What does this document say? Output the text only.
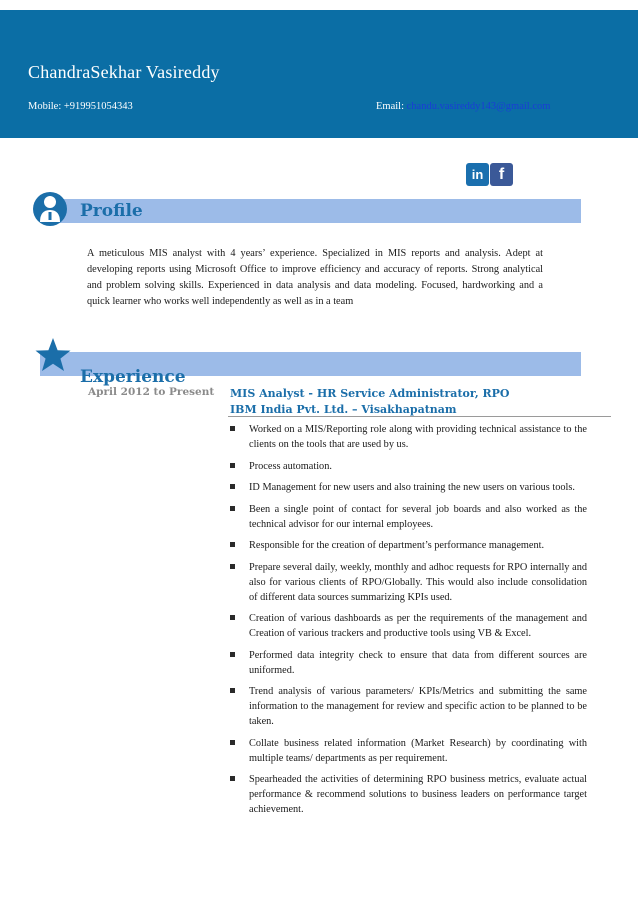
ChandraSekhar Vasireddy
Mobile: +919951054343	Email: chandu.vasireddy143@gmail.com
in f
Profile
A meticulous MIS analyst with 4 years’ experience. Specialized in MIS reports and analysis. Adept at developing reports using Microsoft Office to improve efficiency and accuracy of reports. Strong analytical and problem solving skills. Experienced in data analysis and data modeling. Focused, hardworking and a quick learner who works well independently as well as in a team
Experience
April 2012 to Present MIS Analyst - HR Service Administrator, RPO
IBM India Pvt. Ltd. – Visakhapatnam
Worked on a MIS/Reporting role along with providing technical assistance to the clients on the tools that are used by us.
Process automation.
ID Management for new users and also training the new users on various tools.
Been a single point of contact for several job boards and also worked as the technical advisor for our internal employees.
Responsible for the creation of department’s performance management.
Prepare several daily, weekly, monthly and adhoc requests for RPO internally and also for various clients of RPO/Globally. This would also include consolidation of different data sources summarizing KPIs used.
Creation of various dashboards as per the requirements of the management and Creation of various trackers and productive tools using VB & Excel.
Performed data integrity check to ensure that data from different sources are uniformed.
Trend analysis of various parameters/ KPIs/Metrics and submitting the same information to the management for review and specific action to be planned to be taken.
Collate business related information (Market Research) by coordinating with multiple teams/ departments as per requirement.
Spearheaded the activities of determining RPO business metrics, evaluate actual performance & recommend solutions to business leaders on performance target achievement.
